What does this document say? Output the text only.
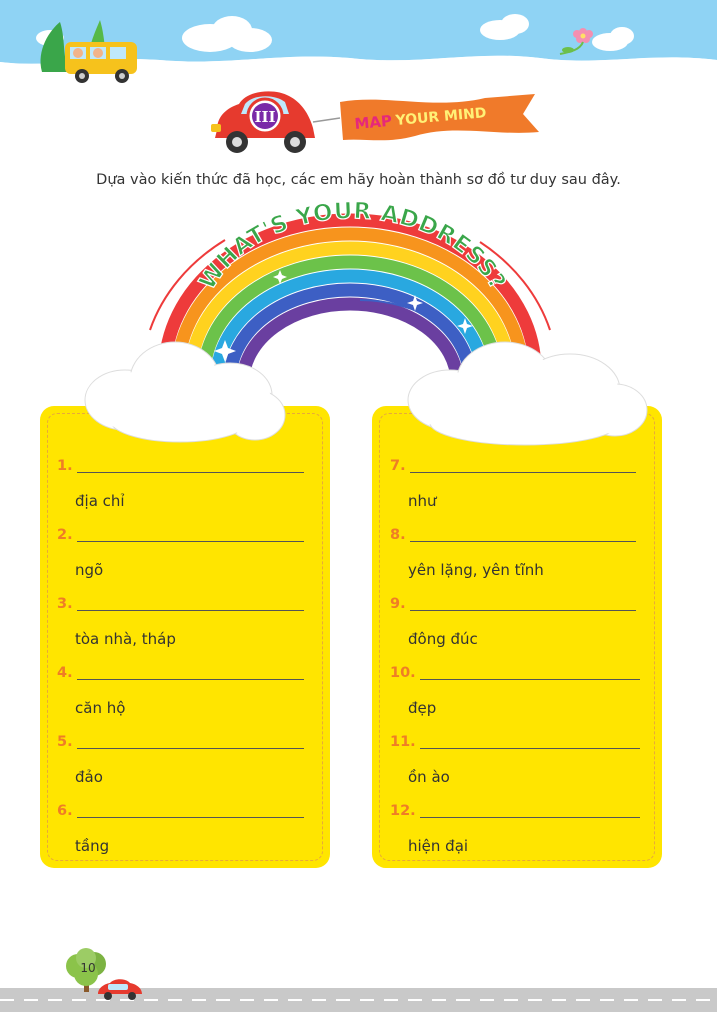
III	MAP YOUR MIND

Dựa vào kiến thức đã học, các em hãy hoàn thành sơ đồ tư duy sau đây.

WHAT'S YOUR ADDRESS?
1.
địa chỉ
2.
ngõ
3.
tòa nhà, tháp
4.
căn hộ
5.
đảo
6.
tầng
7.
như
8.
yên lặng, yên tĩnh
9.
đông đúc
10.
đẹp
11.
ồn ào
12.
hiện đại
10
